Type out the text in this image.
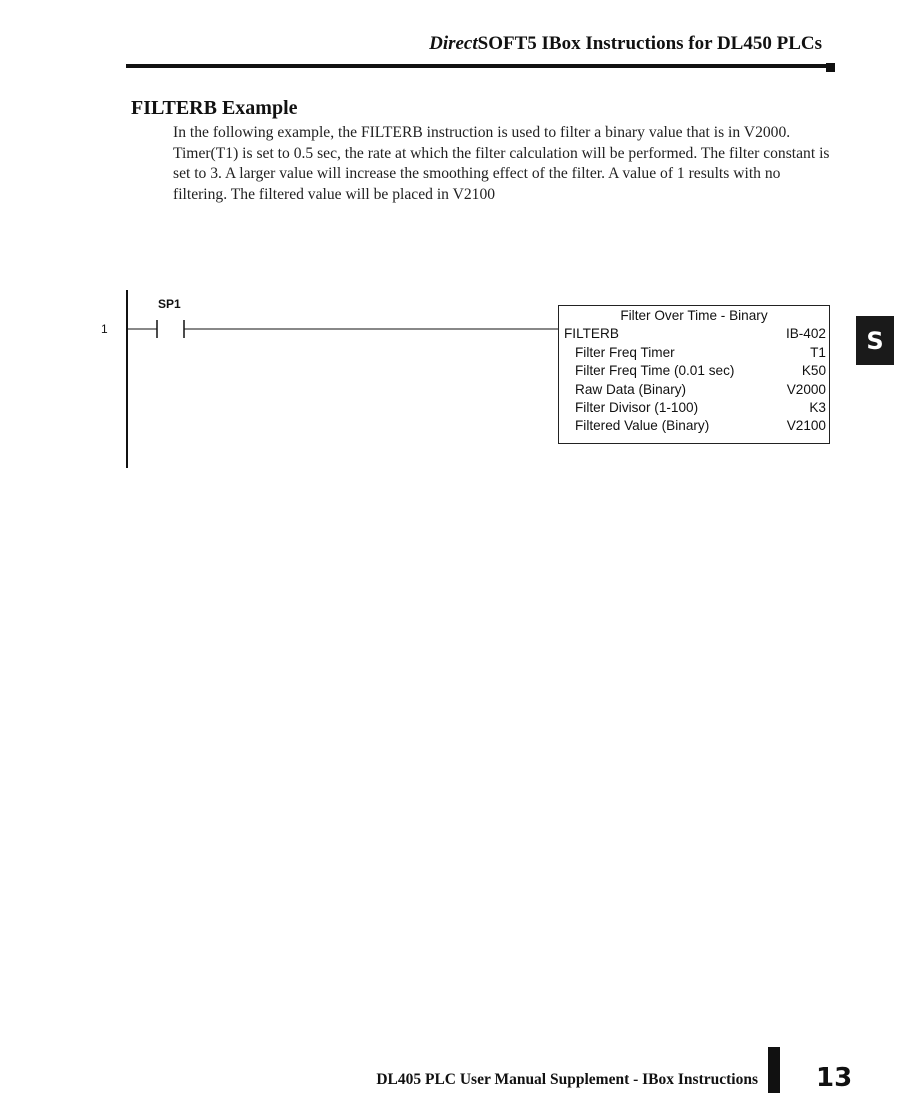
DirectSOFT5 IBox Instructions for DL450 PLCs
FILTERB Example

In the following example, the FILTERB instruction is used to filter a binary value that is in V2000. Timer(T1) is set to 0.5 sec, the rate at which the filter calculation will be performed. The filter constant is set to 3. A larger value will increase the smoothing effect of the filter. A value of 1 results with no filtering. The filtered value will be placed in V2100

S
1
SP1
Filter Over Time - Binary
FILTERB	IB-402
Filter Freq Timer	T1
Filter Freq Time (0.01 sec)	K50
Raw Data (Binary)	V2000
Filter Divisor (1-100)	K3
Filtered Value (Binary)	V2100
DL405 PLC User Manual Supplement - IBox Instructions 13
